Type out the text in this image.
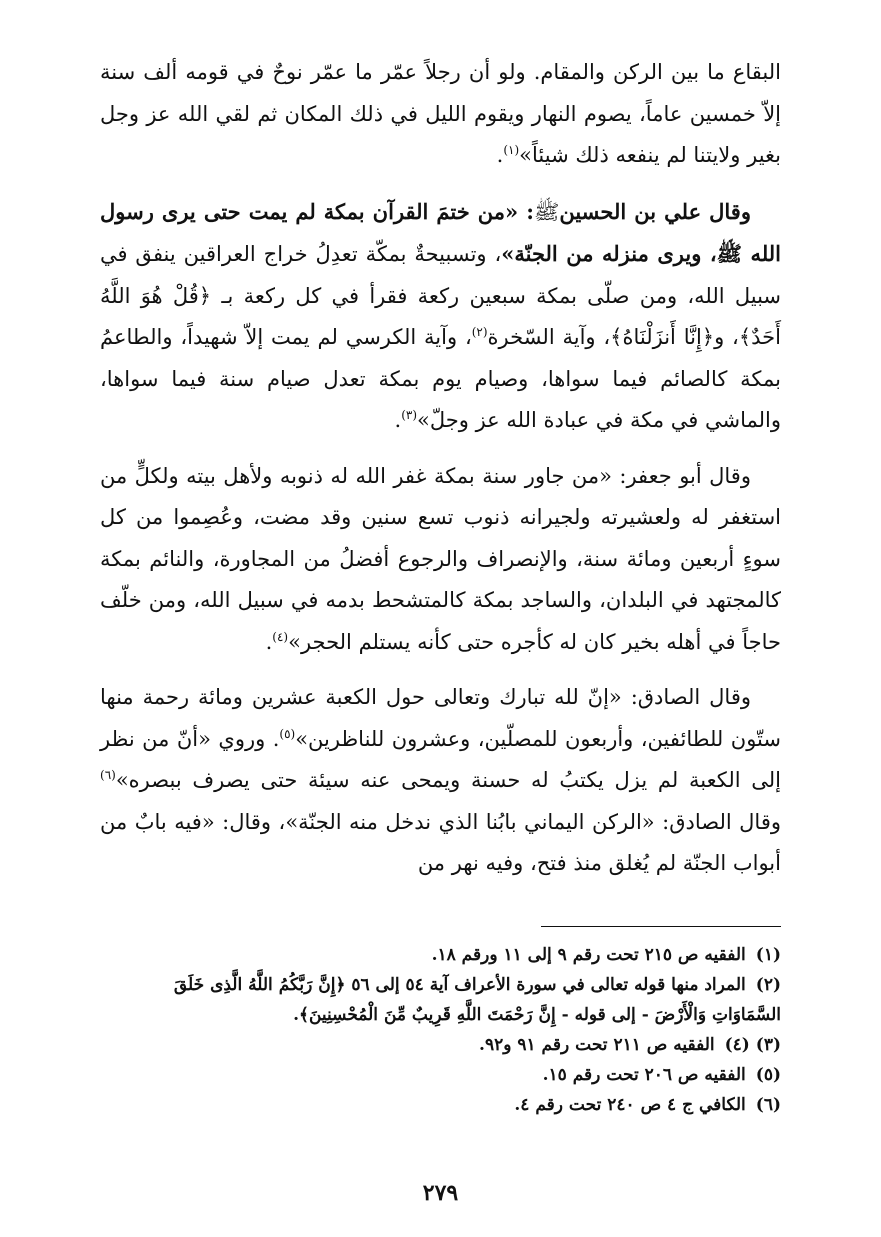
البقاع ما بين الركن والمقام. ولو أن رجلاً عمّر ما عمّر نوحٌ في قومه ألف سنة إلاّ خمسين عاماً، يصوم النهار ويقوم الليل في ذلك المكان ثم لقي الله عز وجل بغير ولايتنا لم ينفعه ذلك شيئاً»$^{(١)}$.

وقال علي بن الحسينﷺ: «من ختمَ القرآن بمكة لم يمت حتى يرى رسول الله ﷺ، ويرى منزله من الجنّة»، وتسبيحةٌ بمكّة تعدِلُ خراج العراقين ينفق في سبيل الله، ومن صلّى بمكة سبعين ركعة فقرأ في كل ركعة بـ ﴿قُلْ هُوَ اللَّهُ أَحَدٌ﴾، و﴿إِنَّا أَنزَلْنَاهُ﴾، وآية السّخرة$^{(٢)}$، وآية الكرسي لم يمت إلاّ شهيداً، والطاعمُ بمكة كالصائم فيما سواها، وصيام يوم بمكة تعدل صيام سنة فيما سواها، والماشي في مكة في عبادة الله عز وجلّ»$^{(٣)}$.

وقال أبو جعفر: «من جاور سنة بمكة غفر الله له ذنوبه ولأهل بيته ولكلٍّ من استغفر له ولعشيرته ولجيرانه ذنوب تسع سنين وقد مضت، وعُصِموا من كل سوءٍ أربعين ومائة سنة، والإنصراف والرجوع أفضلُ من المجاورة، والنائم بمكة كالمجتهد في البلدان، والساجد بمكة كالمتشحط بدمه في سبيل الله، ومن خلّف حاجاً في أهله بخير كان له كأجره حتى كأنه يستلم الحجر»$^{(٤)}$.

وقال الصادق: «إنّ لله تبارك وتعالى حول الكعبة عشرين ومائة رحمة منها ستّون للطائفين، وأربعون للمصلّين، وعشرون للناظرين»$^{(٥)}$. وروي «أنّ من نظر إلى الكعبة لم يزل يكتبُ له حسنة ويمحى عنه سيئة حتى يصرف ببصره»$^{(٦)}$ وقال الصادق: «الركن اليماني بابُنا الذي ندخل منه الجنّة»، وقال: «فيه بابٌ من أبواب الجنّة لم يُغلق منذ فتح، وفيه نهر من

(١)الفقيه ص ٢١٥ تحت رقم ٩ إلى ١١ ورقم ١٨.

(٢)المراد منها قوله تعالى في سورة الأعراف آية ٥٤ إلى ٥٦ ﴿إِنَّ رَبَّكُمُ اللَّهُ الَّذِى خَلَقَ السَّمَاوَاتِ وَالْأَرْضَ - إلى قوله - إِنَّ رَحْمَتَ اللَّهِ قَرِيبٌ مِّنَ الْمُحْسِنِينَ﴾.

(٣) (٤)الفقيه ص ٢١١ تحت رقم ٩١ و٩٢.

(٥)الفقيه ص ٢٠٦ تحت رقم ١٥.

(٦)الكافي ج ٤ ص ٢٤٠ تحت رقم ٤.

٢٧٩
